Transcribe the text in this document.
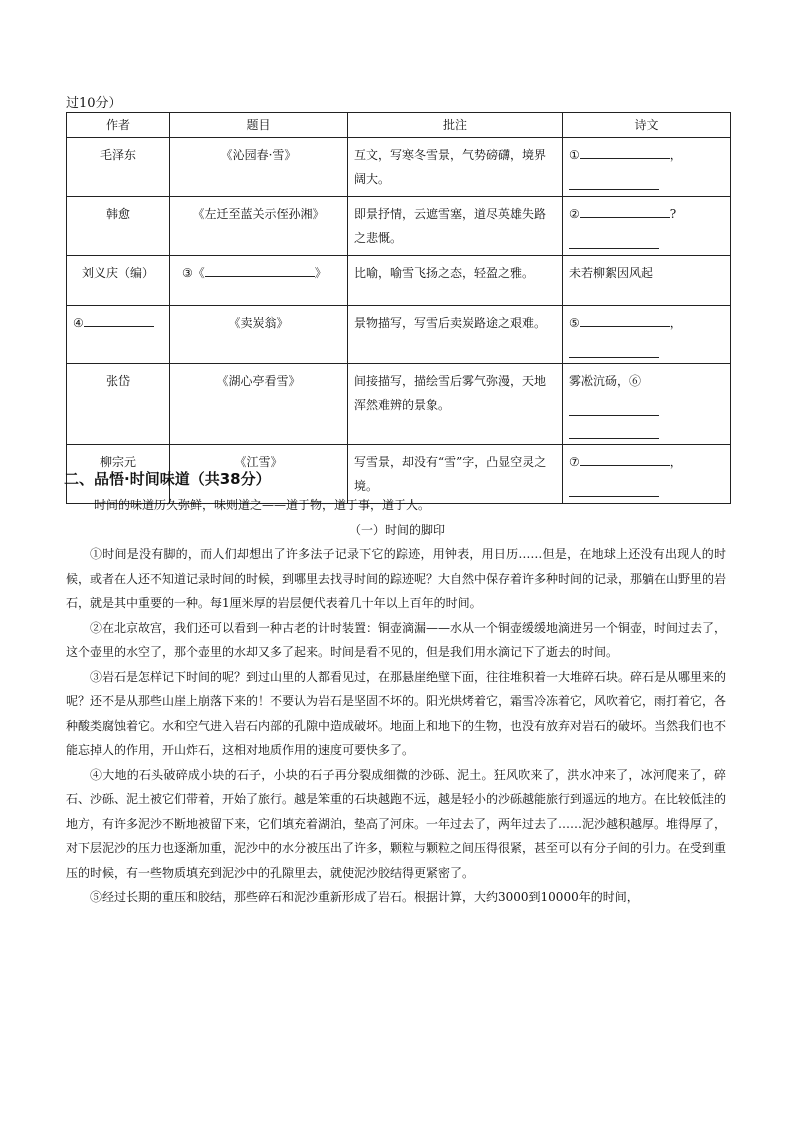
过10分）
作者	题目	批注	诗文
毛泽东	《沁园春·雪》	互文，写寒冬雪景，气势磅礴，境界阔大。	① ，

韩愈	《左迁至蓝关示侄孙湘》	即景抒情，云遮雪塞，道尽英雄失路之悲慨。	② ?

刘义庆（编）	③《 》	比喻，喻雪飞扬之态，轻盈之雅。	未若柳絮因风起
④	《卖炭翁》	景物描写，写雪后卖炭路途之艰难。	⑤ ，

张岱	《湖心亭看雪》	间接描写，描绘雪后雾气弥漫，天地浑然难辨的景象。	雾凇沆砀，⑥

柳宗元	《江雪》	写雪景，却没有“雪”字，凸显空灵之境。	⑦ ，
二、品悟·时间味道（共38分）
时间的味道历久弥鲜，味则道之——道于物，道于事，道于人。
（一）时间的脚印

①时间是没有脚的，而人们却想出了许多法子记录下它的踪迹，用钟表，用日历……但是，在地球上还没有出现人的时候，或者在人还不知道记录时间的时候，到哪里去找寻时间的踪迹呢？大自然中保存着许多种时间的记录，那躺在山野里的岩石，就是其中重要的一种。每1厘米厚的岩层便代表着几十年以上百年的时间。

②在北京故宫，我们还可以看到一种古老的计时装置：铜壶滴漏——水从一个铜壶缓缓地滴进另一个铜壶，时间过去了，这个壶里的水空了，那个壶里的水却又多了起来。时间是看不见的，但是我们用水滴记下了逝去的时间。

③岩石是怎样记下时间的呢？到过山里的人都看见过，在那悬崖绝壁下面，往往堆积着一大堆碎石块。碎石是从哪里来的呢？还不是从那些山崖上崩落下来的！不要认为岩石是坚固不坏的。阳光烘烤着它，霜雪冷冻着它，风吹着它，雨打着它，各种酸类腐蚀着它。水和空气进入岩石内部的孔隙中造成破坏。地面上和地下的生物，也没有放弃对岩石的破坏。当然我们也不能忘掉人的作用，开山炸石，这相对地质作用的速度可要快多了。

④大地的石头破碎成小块的石子，小块的石子再分裂成细微的沙砾、泥土。狂风吹来了，洪水冲来了，冰河爬来了，碎石、沙砾、泥土被它们带着，开始了旅行。越是笨重的石块越跑不远，越是轻小的沙砾越能旅行到遥远的地方。在比较低洼的地方，有许多泥沙不断地被留下来，它们填充着湖泊，垫高了河床。一年过去了，两年过去了……泥沙越积越厚。堆得厚了，对下层泥沙的压力也逐渐加重，泥沙中的水分被压出了许多，颗粒与颗粒之间压得很紧，甚至可以有分子间的引力。在受到重压的时候，有一些物质填充到泥沙中的孔隙里去，就使泥沙胶结得更紧密了。

⑤经过长期的重压和胶结，那些碎石和泥沙重新形成了岩石。根据计算，大约3000到10000年的时间，
